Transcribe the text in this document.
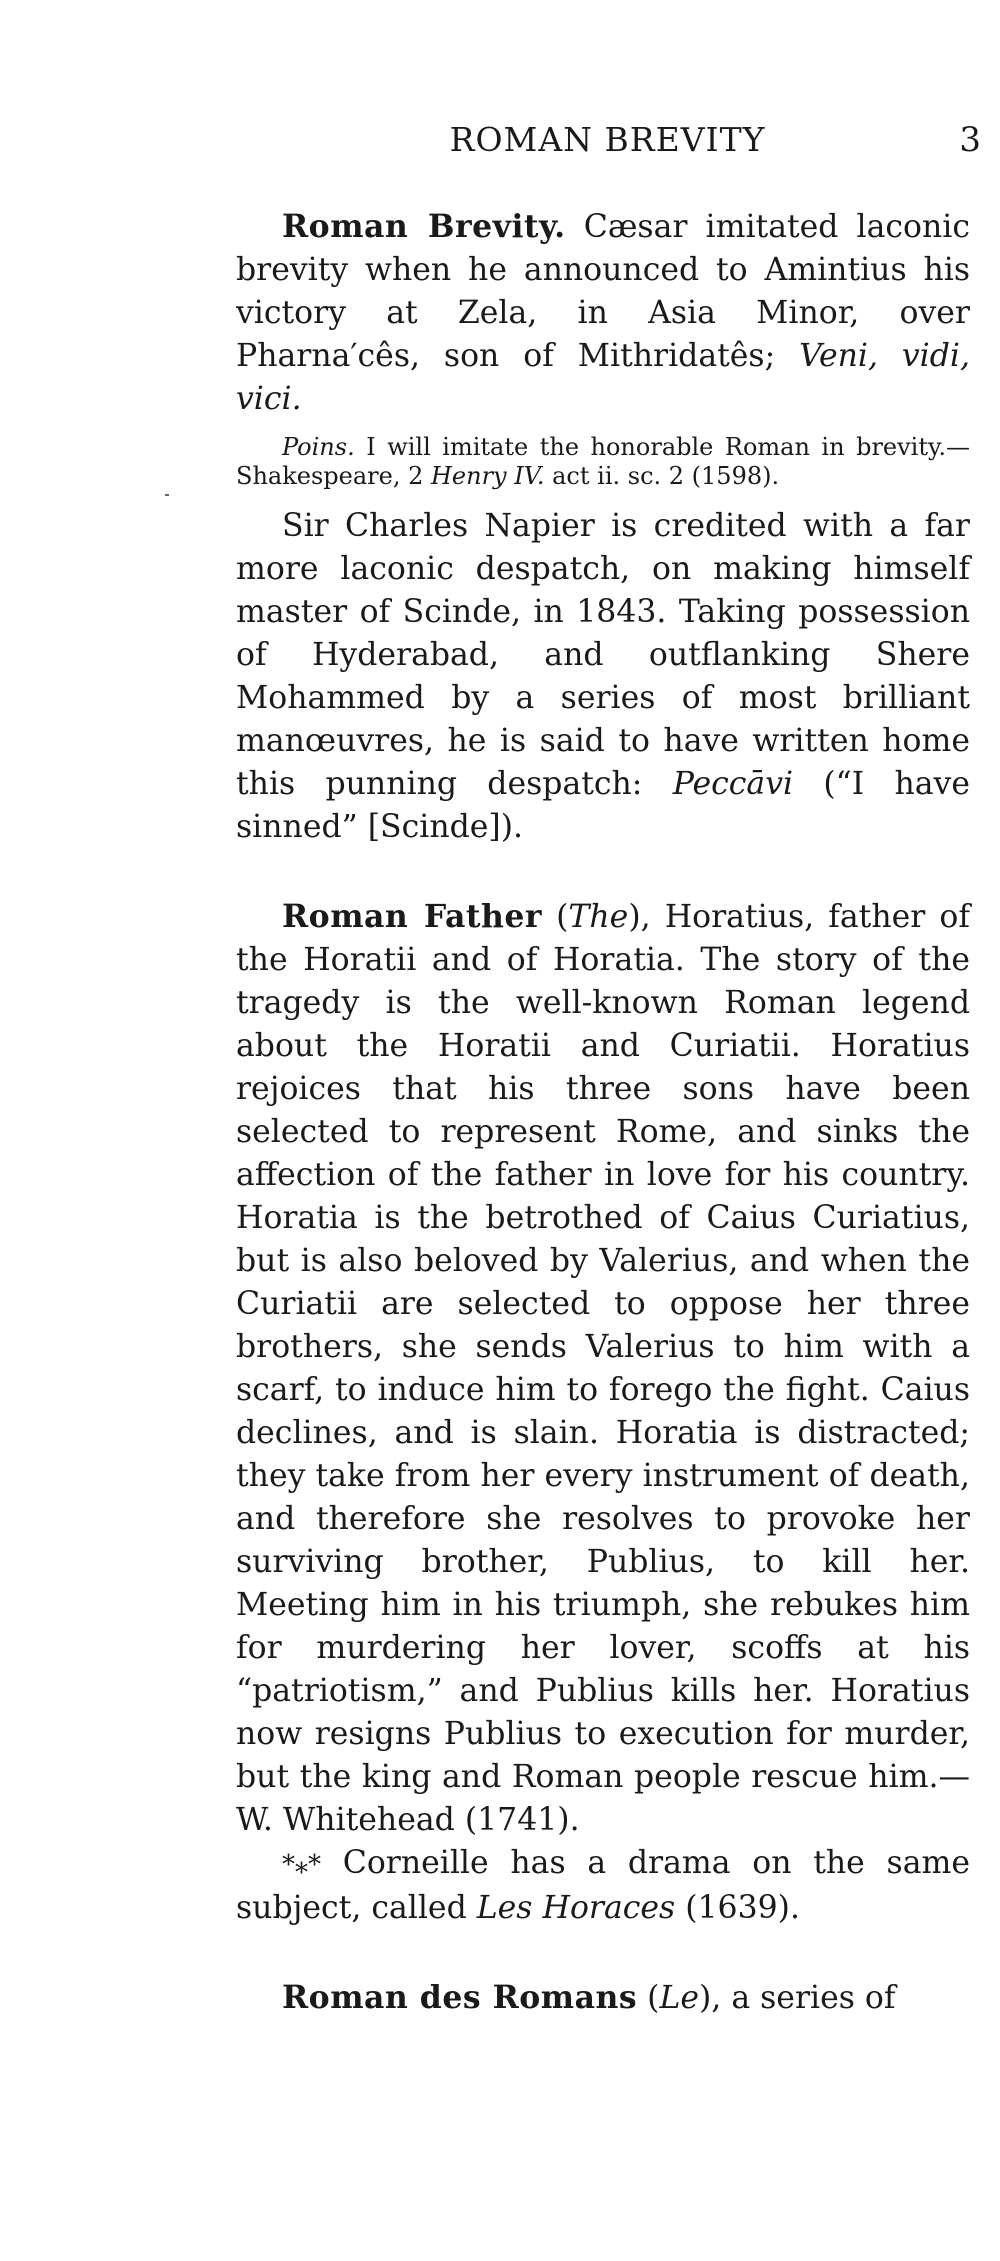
ROMAN BREVITY	3

Roman Brevity. Cæsar imitated laconic brevity when he announced to Amintius his victory at Zela, in Asia Minor, over Pharna′cês, son of Mithridatês; Veni, vidi, vici.

Poins. I will imitate the honorable Roman in brevity.—Shakespeare, 2 Henry IV. act ii. sc. 2 (1598).

Sir Charles Napier is credited with a far more laconic despatch, on making himself master of Scinde, in 1843. Taking possession of Hyderabad, and outflanking Shere Mohammed by a series of most brilliant manœuvres, he is said to have written home this punning despatch: Peccāvi (“I have sinned” [Scinde]).

Roman Father (The), Horatius, father of the Horatii and of Horatia. The story of the tragedy is the well-known Roman legend about the Horatii and Curiatii. Horatius rejoices that his three sons have been selected to represent Rome, and sinks the affection of the father in love for his country. Horatia is the betrothed of Caius Curiatius, but is also beloved by Valerius, and when the Curiatii are selected to oppose her three brothers, she sends Valerius to him with a scarf, to induce him to forego the fight. Caius declines, and is slain. Horatia is distracted; they take from her every instrument of death, and therefore she resolves to provoke her surviving brother, Publius, to kill her. Meeting him in his triumph, she rebukes him for murdering her lover, scoffs at his “patriotism,” and Publius kills her. Horatius now resigns Publius to execution for murder, but the king and Roman people rescue him.—W. Whitehead (1741).

*⁎* Corneille has a drama on the same subject, called Les Horaces (1639).

Roman des Romans (Le), a series of
